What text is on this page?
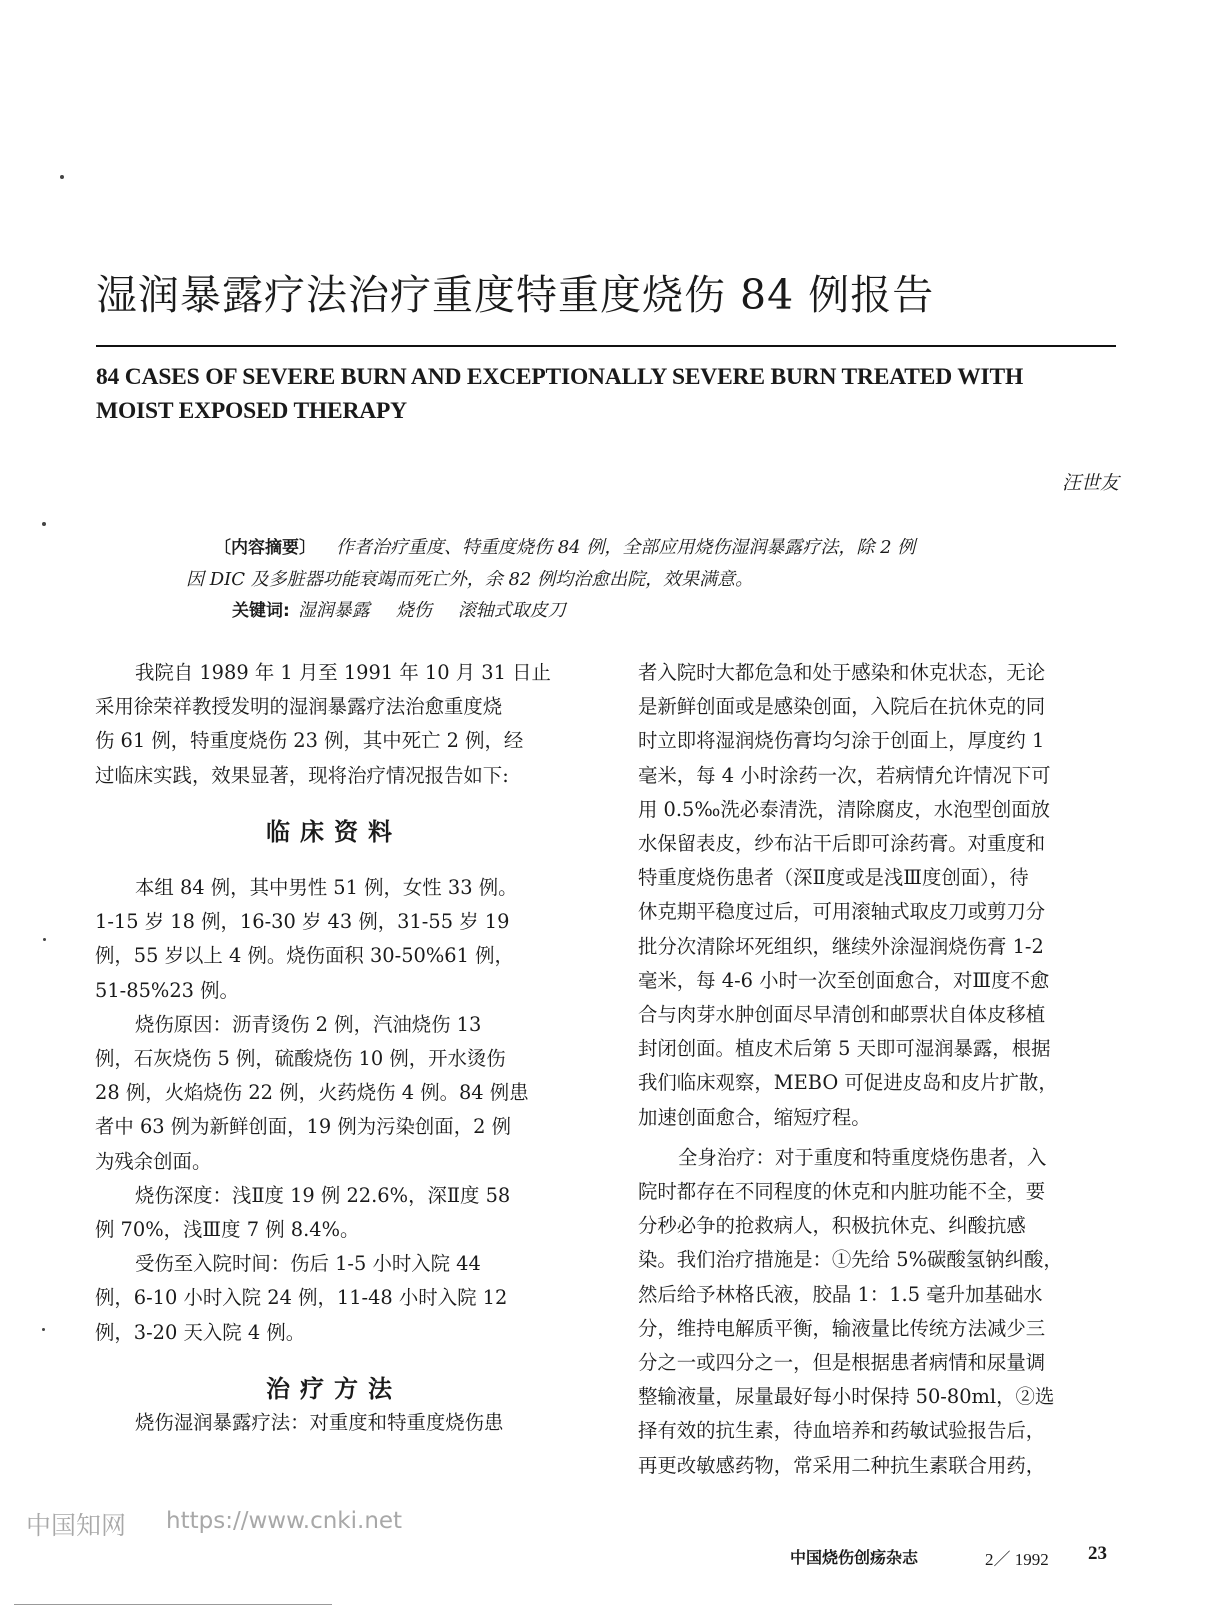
湿润暴露疗法治疗重度特重度烧伤 84 例报告
84 CASES OF SEVERE BURN AND EXCEPTIONALLY SEVERE BURN TREATED WITH
MOIST EXPOSED THERAPY
汪世友
〔内容摘要〕 作者治疗重度、特重度烧伤 84 例，全部应用烧伤湿润暴露疗法，除 2 例
因 DIC 及多脏器功能衰竭而死亡外，余 82 例均治愈出院，效果满意。
关键词: 湿润暴露 烧伤 滚轴式取皮刀

我院自 1989 年 1 月至 1991 年 10 月 31 日止
采用徐荣祥教授发明的湿润暴露疗法治愈重度烧
伤 61 例，特重度烧伤 23 例，其中死亡 2 例，经
过临床实践，效果显著，现将治疗情况报告如下:

临床资料

本组 84 例，其中男性 51 例，女性 33 例。
1-15 岁 18 例，16-30 岁 43 例，31-55 岁 19
例，55 岁以上 4 例。烧伤面积 30-50%61 例，
51-85%23 例。

烧伤原因：沥青烫伤 2 例，汽油烧伤 13
例，石灰烧伤 5 例，硫酸烧伤 10 例，开水烫伤
28 例，火焰烧伤 22 例，火药烧伤 4 例。84 例患
者中 63 例为新鲜创面，19 例为污染创面，2 例
为残余创面。

烧伤深度：浅Ⅱ度 19 例 22.6%，深Ⅱ度 58
例 70%，浅Ⅲ度 7 例 8.4%。

受伤至入院时间：伤后 1-5 小时入院 44
例，6-10 小时入院 24 例，11-48 小时入院 12
例，3-20 天入院 4 例。

治疗方法

烧伤湿润暴露疗法：对重度和特重度烧伤患

者入院时大都危急和处于感染和休克状态，无论
是新鲜创面或是感染创面，入院后在抗休克的同
时立即将湿润烧伤膏均匀涂于创面上，厚度约 1
毫米，每 4 小时涂药一次，若病情允许情况下可
用 0.5‰洗必泰清洗，清除腐皮，水泡型创面放
水保留表皮，纱布沾干后即可涂药膏。对重度和
特重度烧伤患者（深Ⅱ度或是浅Ⅲ度创面），待
休克期平稳度过后，可用滚轴式取皮刀或剪刀分
批分次清除坏死组织，继续外涂湿润烧伤膏 1-2
毫米，每 4-6 小时一次至创面愈合，对Ⅲ度不愈
合与肉芽水肿创面尽早清创和邮票状自体皮移植
封闭创面。植皮术后第 5 天即可湿润暴露，根据
我们临床观察，MEBO 可促进皮岛和皮片扩散，
加速创面愈合，缩短疗程。

全身治疗：对于重度和特重度烧伤患者，入
院时都存在不同程度的休克和内脏功能不全，要
分秒必争的抢救病人，积极抗休克、纠酸抗感
染。我们治疗措施是：①先给 5%碳酸氢钠纠酸，
然后给予林格氏液，胶晶 1：1.5 毫升加基础水
分，维持电解质平衡，输液量比传统方法减少三
分之一或四分之一，但是根据患者病情和尿量调
整输液量，尿量最好每小时保持 50-80ml，②选
择有效的抗生素，待血培养和药敏试验报告后，
再更改敏感药物，常采用二种抗生素联合用药，

中国知网 https://www.cnki.net
中国烧伤创疡杂志	2／ 1992 23
